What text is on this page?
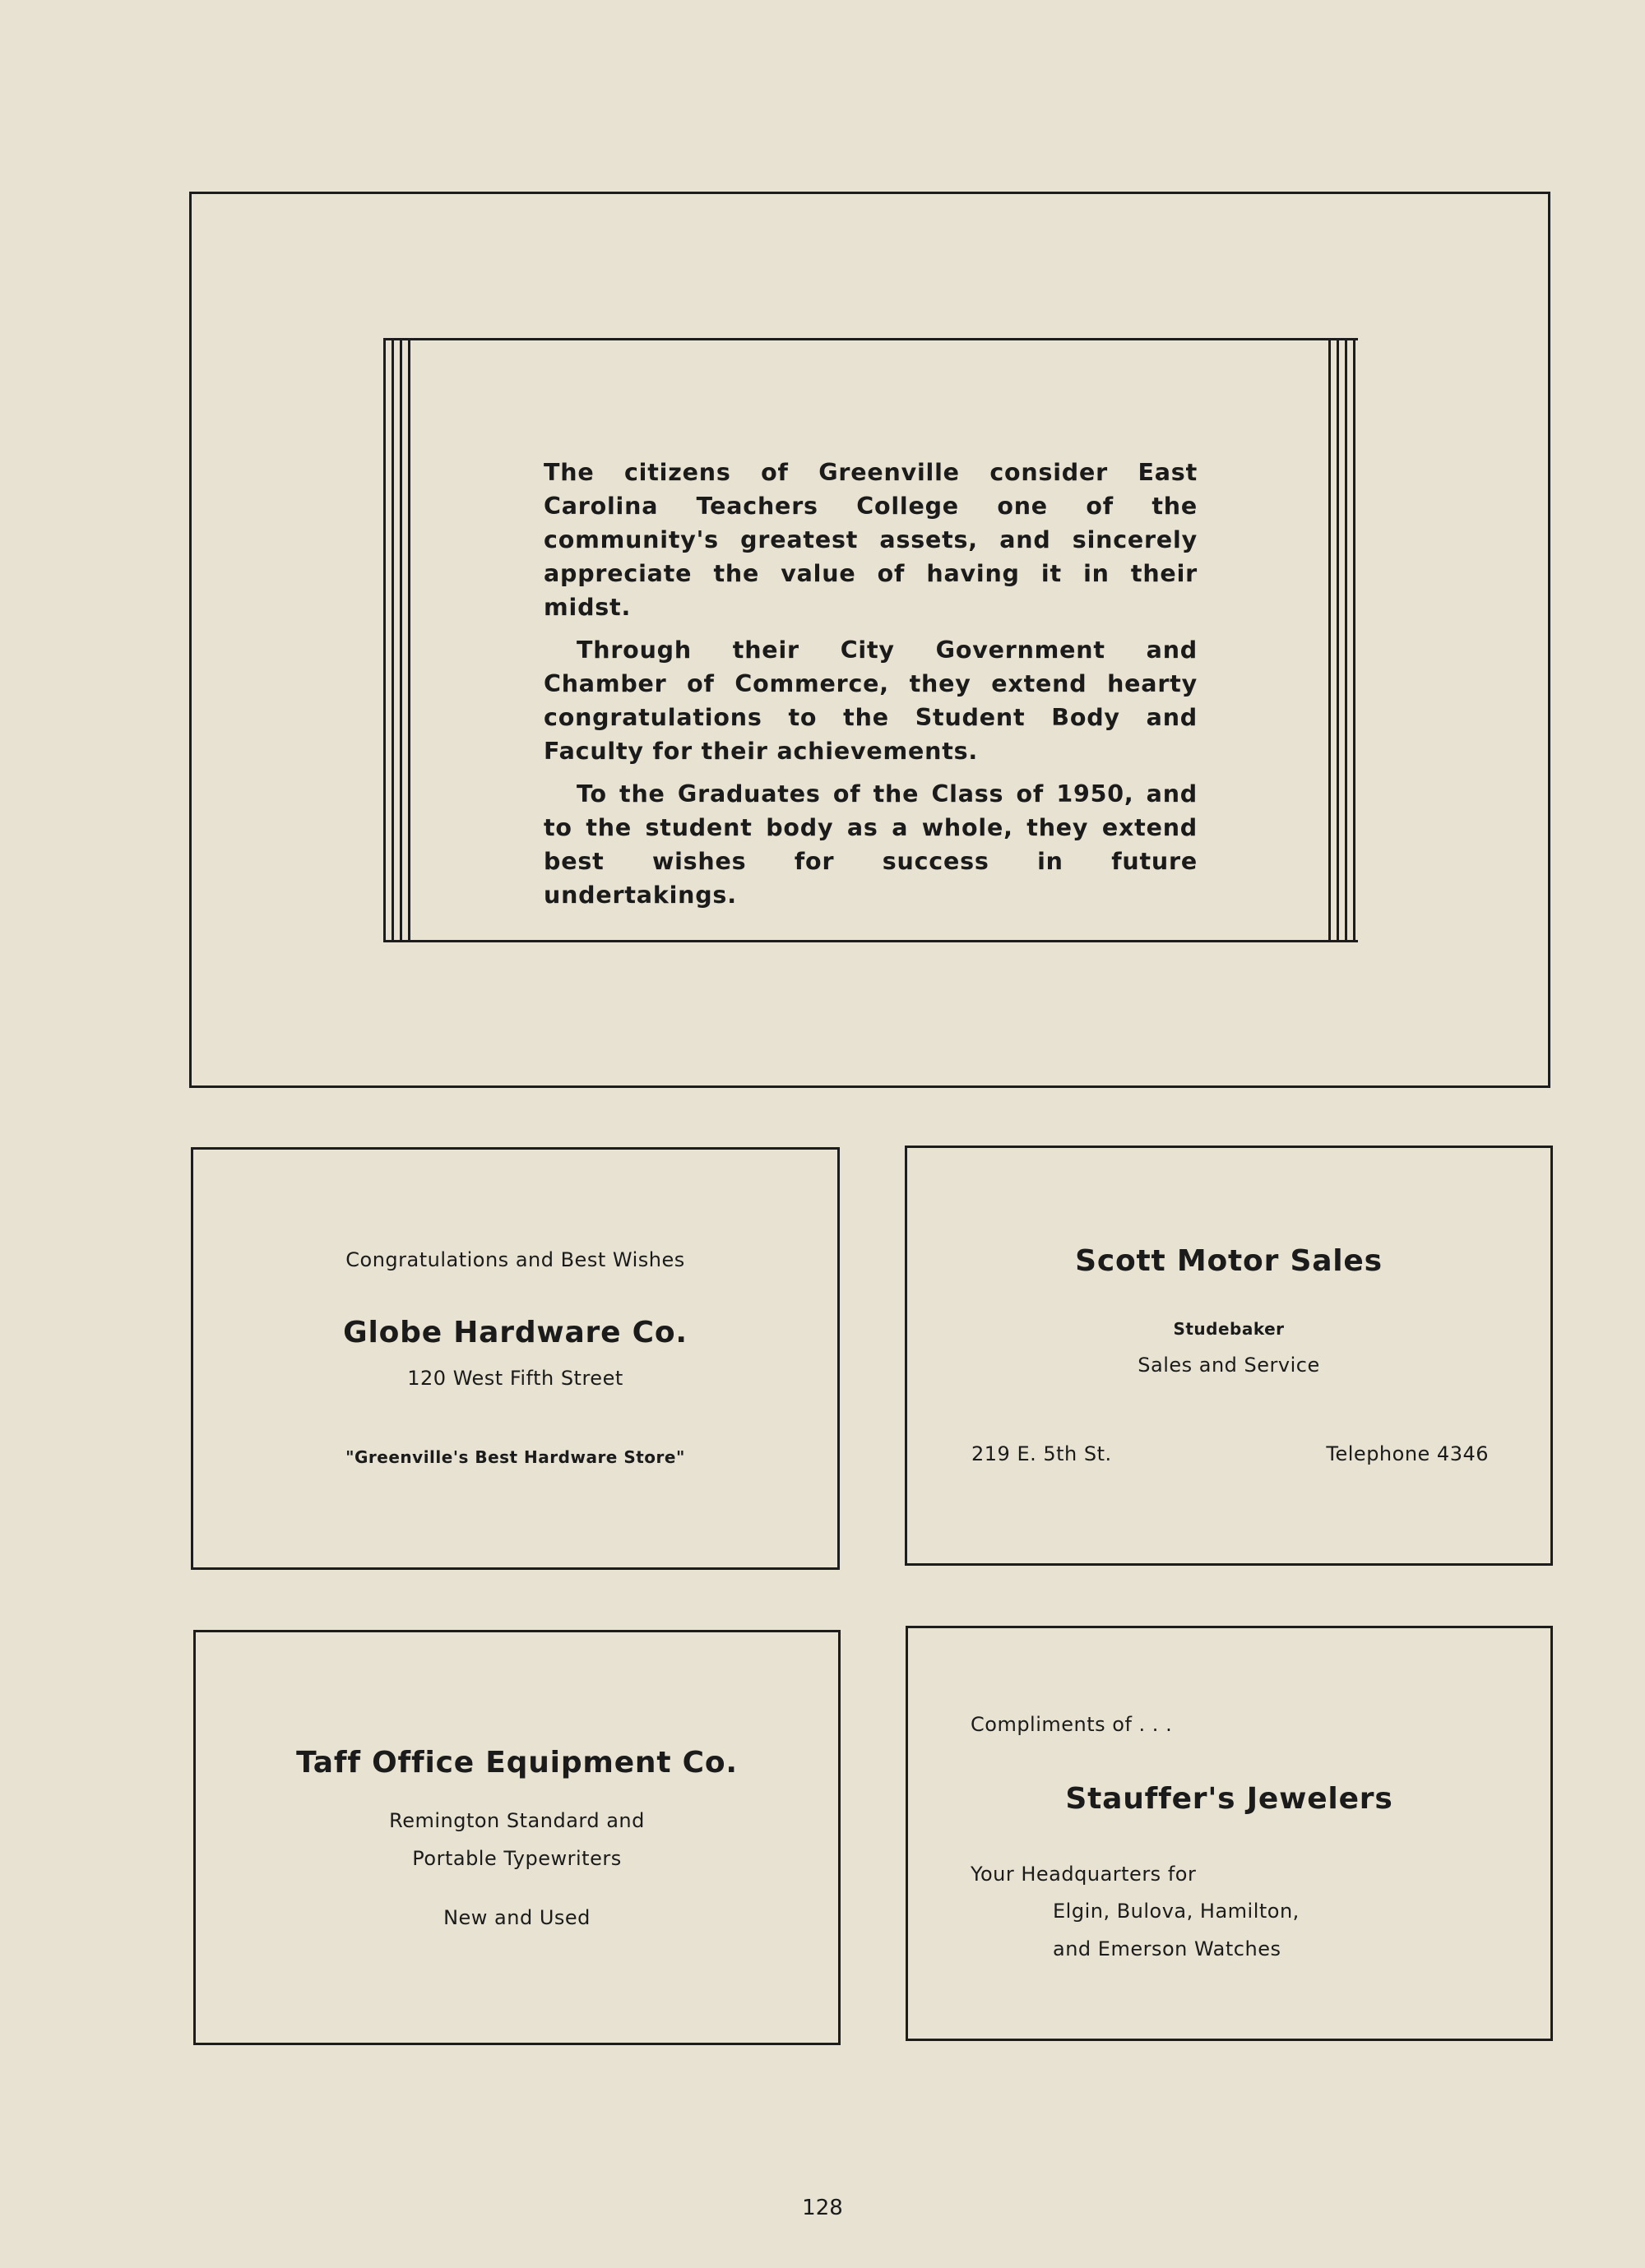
The citizens of Greenville consider East Carolina Teachers College one of the community's greatest assets, and sincerely appreciate the value of having it in their midst.

Through their City Government and Chamber of Commerce, they extend hearty congratulations to the Student Body and Faculty for their achievements.

To the Graduates of the Class of 1950, and to the student body as a whole, they extend best wishes for success in future undertakings.

Congratulations and Best Wishes
Globe Hardware Co.
120 West Fifth Street
"Greenville's Best Hardware Store"
Scott Motor Sales
Studebaker
Sales and Service
219 E. 5th St.	Telephone 4346
Taff Office Equipment Co.
Remington Standard and
Portable Typewriters
New and Used
Compliments of . . .
Stauffer's Jewelers
Your Headquarters for
Elgin, Bulova, Hamilton,
and Emerson Watches
128
